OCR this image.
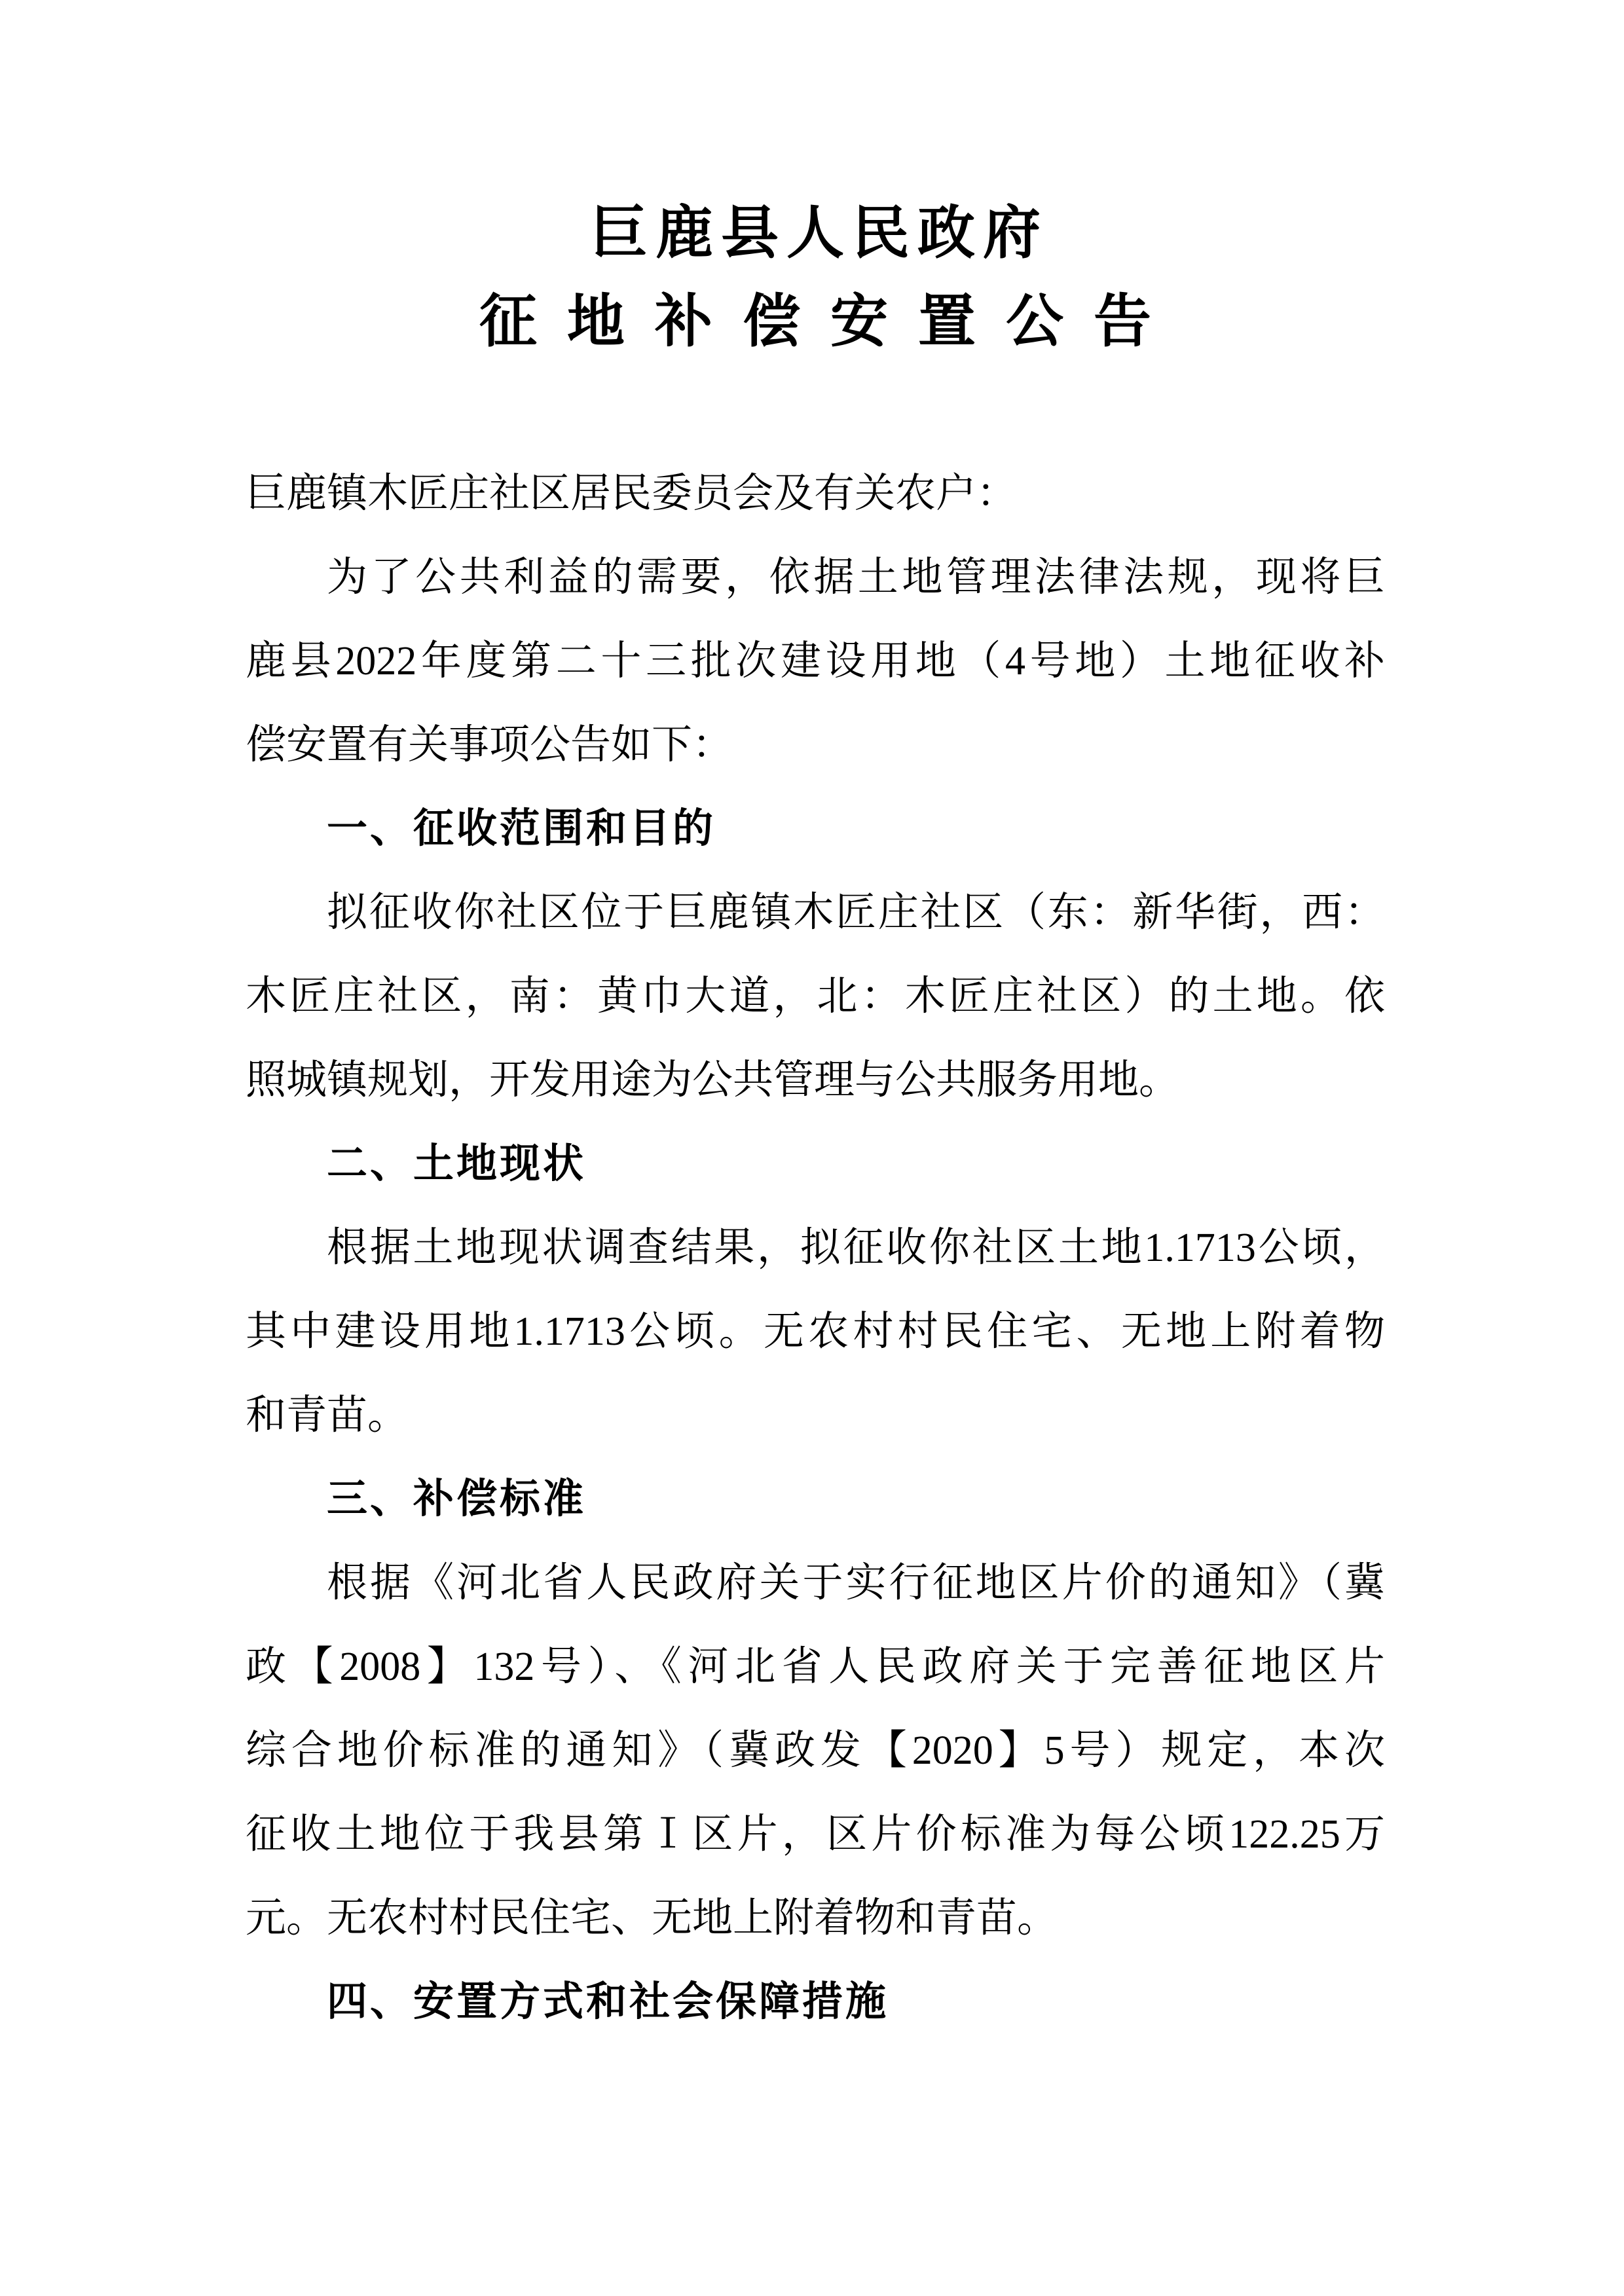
巨鹿县人民政府
征地补偿安置公告
巨鹿镇木匠庄社区居民委员会及有关农户：
为了公共利益的需要，依据土地管理法律法规，现将巨
鹿县2022年度第二十三批次建设用地（4号地）土地征收补
偿安置有关事项公告如下：
一、征收范围和目的
拟征收你社区位于巨鹿镇木匠庄社区（东：新华街，西：
木匠庄社区，南：黄巾大道，北：木匠庄社区）的土地。依
照城镇规划，开发用途为公共管理与公共服务用地。
二、土地现状
根据土地现状调查结果，拟征收你社区土地1.1713公顷，
其中建设用地1.1713公顷。无农村村民住宅、无地上附着物
和青苗。
三、补偿标准
根据《河北省人民政府关于实行征地区片价的通知》（冀
政【2008】132号）、《河北省人民政府关于完善征地区片
综合地价标准的通知》（冀政发【2020】5号）规定，本次
征收土地位于我县第Ⅰ区片，区片价标准为每公顷122.25万
元。无农村村民住宅、无地上附着物和青苗。
四、安置方式和社会保障措施
